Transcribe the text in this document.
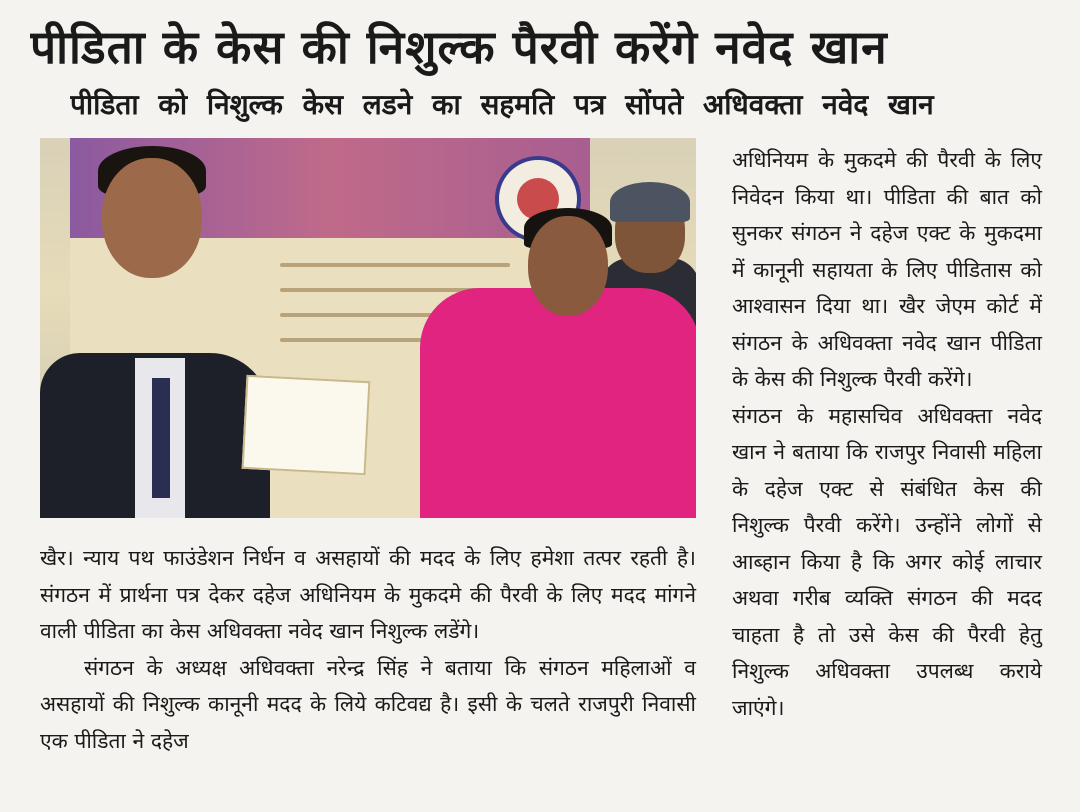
पीडिता के केस की निशुल्क पैरवी करेंगे नवेद खान
पीडिता को निशुल्क केस लडने का सहमति पत्र सोंपते अधिवक्ता नवेद खान

खैर। न्याय पथ फाउंडेशन निर्धन व असहायों की मदद के लिए हमेशा तत्पर रहती है। संगठन में प्रार्थना पत्र देकर दहेज अधिनियम के मुकदमे की पैरवी के लिए मदद मांगने वाली पीडिता का केस अधिवक्ता नवेद खान निशुल्क लडेंगे।

संगठन के अध्यक्ष अधिवक्ता नरेन्द्र सिंह ने बताया कि संगठन महिलाओं व असहायों की निशुल्क कानूनी मदद के लिये कटिवद्य है। इसी के चलते राजपुरी निवासी एक पीडिता ने दहेज

अधिनियम के मुकदमे की पैरवी के लिए निवेदन किया था। पीडिता की बात को सुनकर संगठन ने दहेज एक्ट के मुकदमा में कानूनी सहायता के लिए पीडितास को आश्वासन दिया था। खैर जेएम कोर्ट में संगठन के अधिवक्ता नवेद खान पीडिता के केस की निशुल्क पैरवी करेंगे।

संगठन के महासचिव अधिवक्ता नवेद खान ने बताया कि राजपुर निवासी महिला के दहेज एक्ट से संबंधित केस की निशुल्क पैरवी करेंगे। उन्होंने लोगों से आब्हान किया है कि अगर कोई लाचार अथवा गरीब व्यक्ति संगठन की मदद चाहता है तो उसे केस की पैरवी हेतु निशुल्क अधिवक्ता उपलब्ध कराये जाएंगे।
